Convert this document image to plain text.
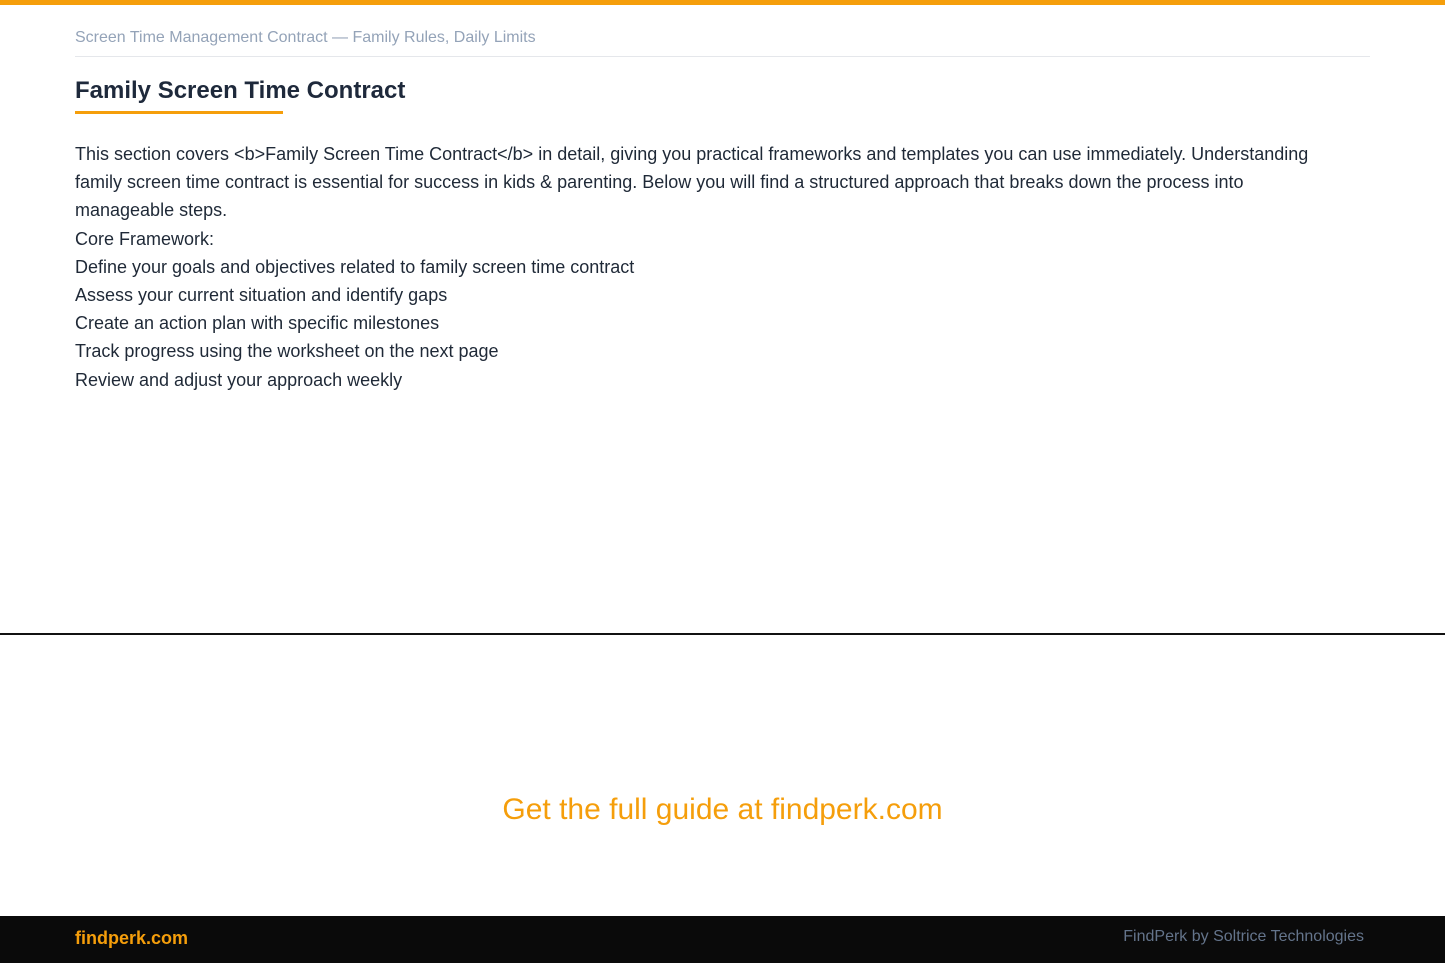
Screen Time Management Contract — Family Rules, Daily Limits
Family Screen Time Contract

This section covers <b>Family Screen Time Contract</b> in detail, giving you practical frameworks and templates you can use immediately. Understanding family screen time contract is essential for success in kids & parenting. Below you will find a structured approach that breaks down the process into manageable steps.

Core Framework:

Define your goals and objectives related to family screen time contract
Assess your current situation and identify gaps
Create an action plan with specific milestones
Track progress using the worksheet on the next page
Review and adjust your approach weekly
Get the full guide at findperk.com
findperk.com	FindPerk by Soltrice Technologies
